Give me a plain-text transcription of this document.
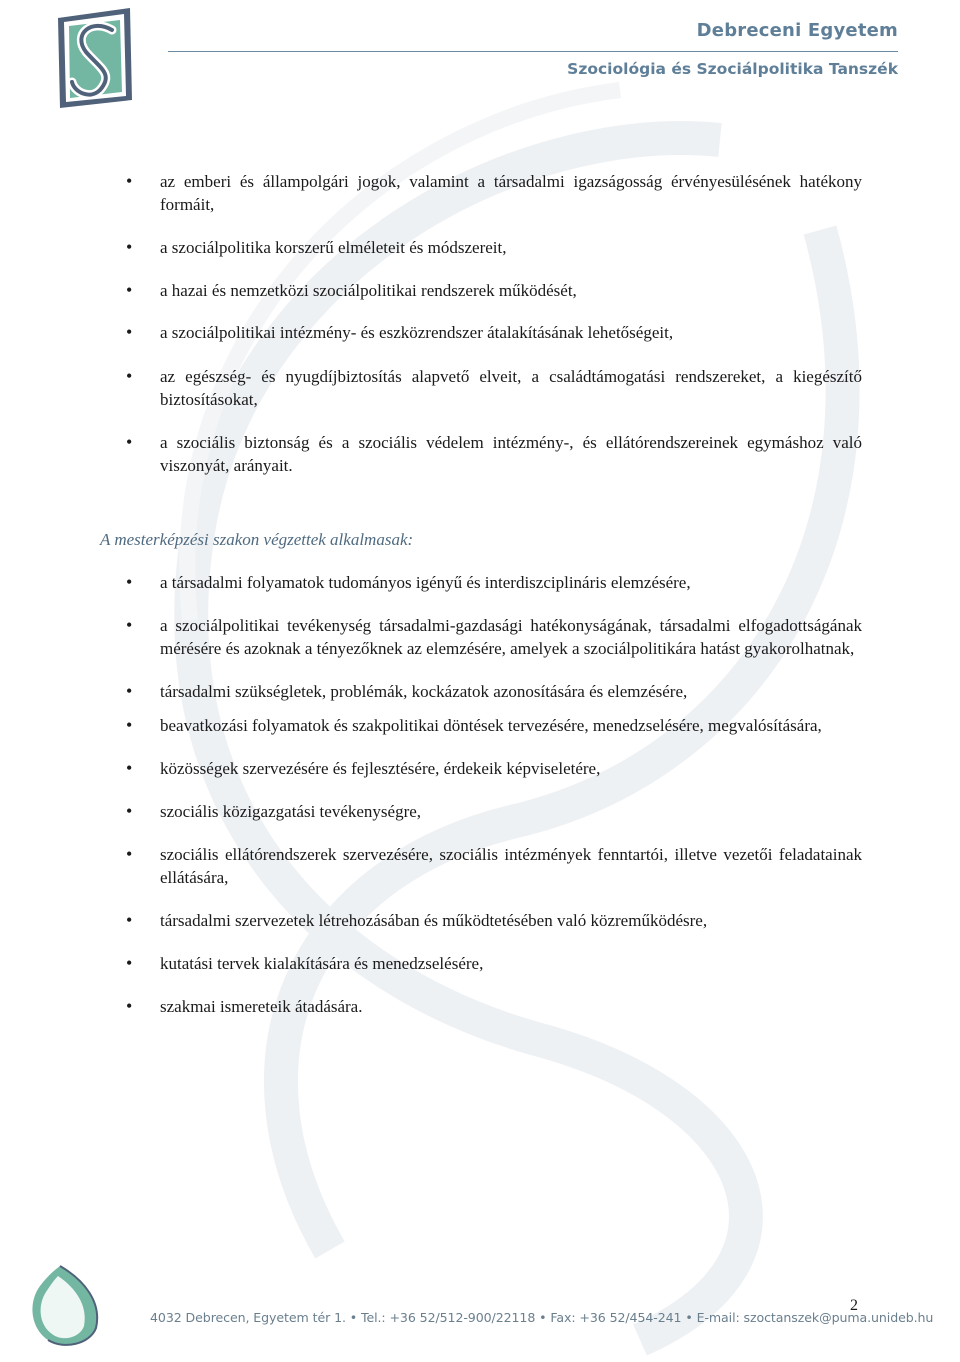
Debreceni Egyetem
Szociológia és Szociálpolitika Tanszék
• az emberi és állampolgári jogok, valamint a társadalmi igazságosság érvényesülésének hatékony formáit,
• a szociálpolitika korszerű elméleteit és módszereit,
• a hazai és nemzetközi szociálpolitikai rendszerek működését,
• a szociálpolitikai intézmény- és eszközrendszer átalakításának lehetőségeit,
• az egészség- és nyugdíjbiztosítás alapvető elveit, a családtámogatási rendszereket, a kiegészítő biztosításokat,
• a szociális biztonság és a szociális védelem intézmény-, és ellátórendszereinek egymáshoz való viszonyát, arányait.
A mesterképzési szakon végzettek alkalmasak:
• a társadalmi folyamatok tudományos igényű és interdiszciplináris elemzésére,
• a szociálpolitikai tevékenység társadalmi-gazdasági hatékonyságának, társadalmi elfogadottságának mérésére és azoknak a tényezőknek az elemzésére, amelyek a szociálpolitikára hatást gyakorolhatnak,
• társadalmi szükségletek, problémák, kockázatok azonosítására és elemzésére,
• beavatkozási folyamatok és szakpolitikai döntések tervezésére, menedzselésére, megvalósítására,
• közösségek szervezésére és fejlesztésére, érdekeik képviseletére,
• szociális közigazgatási tevékenységre,
• szociális ellátórendszerek szervezésére, szociális intézmények fenntartói, illetve vezetői feladatainak ellátására,
• társadalmi szervezetek létrehozásában és működtetésében való közreműködésre,
• kutatási tervek kialakítására és menedzselésére,
• szakmai ismereteik átadására.
4032 Debrecen, Egyetem tér 1. • Tel.: +36 52/512-900/22118 • Fax: +36 52/454-241 • E-mail: szoctanszek@puma.unideb.hu
2
